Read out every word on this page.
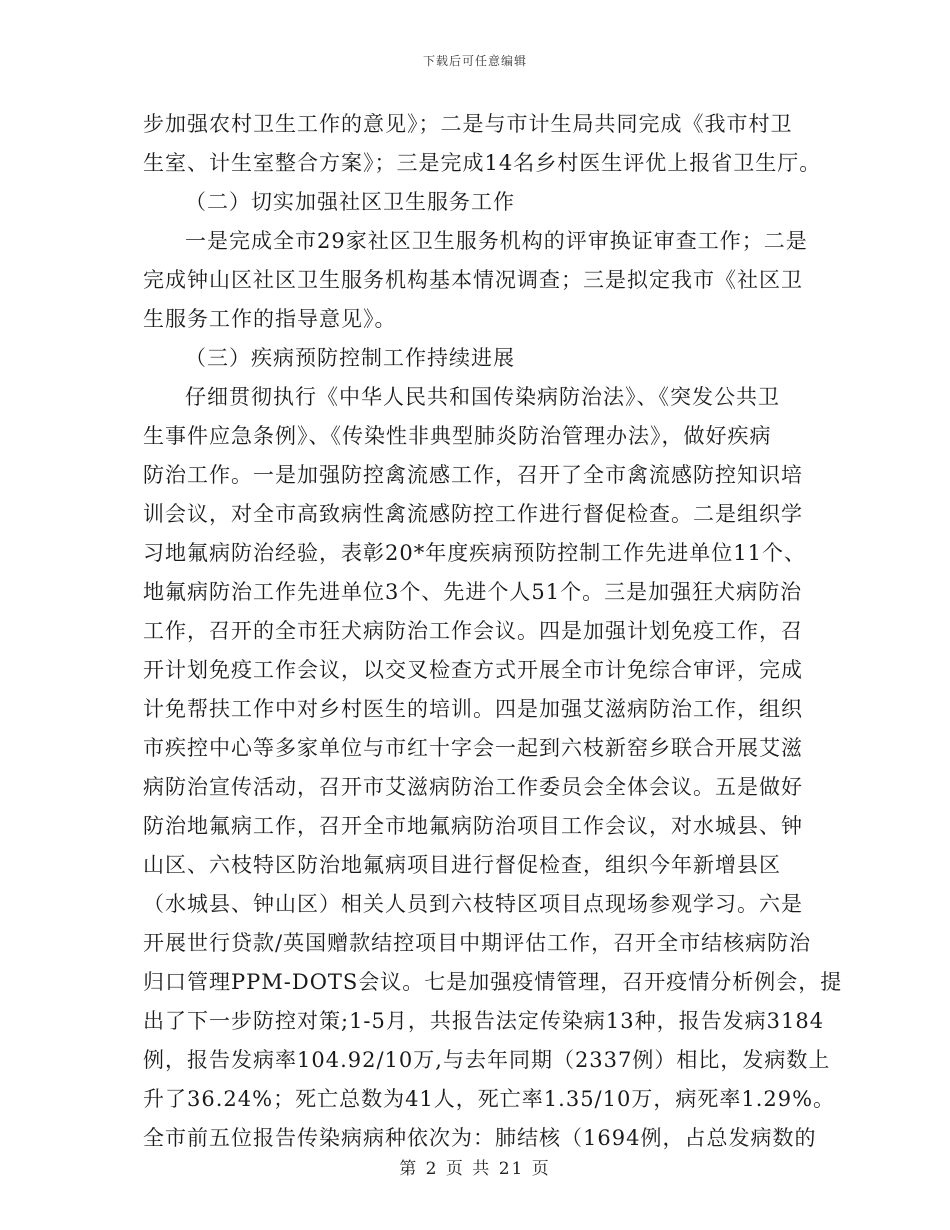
下载后可任意编辑
步加强农村卫生工作的意见》；二是与市计生局共同完成《我市村卫
生室、计生室整合方案》；三是完成14名乡村医生评优上报省卫生厅。
（二）切实加强社区卫生服务工作
一是完成全市29家社区卫生服务机构的评审换证审查工作；二是
完成钟山区社区卫生服务机构基本情况调查；三是拟定我市《社区卫
生服务工作的指导意见》。
（三）疾病预防控制工作持续进展
仔细贯彻执行《中华人民共和国传染病防治法》、《突发公共卫
生事件应急条例》、《传染性非典型肺炎防治管理办法》，做好疾病
防治工作。一是加强防控禽流感工作，召开了全市禽流感防控知识培
训会议，对全市高致病性禽流感防控工作进行督促检查。二是组织学
习地氟病防治经验，表彰20*年度疾病预防控制工作先进单位11个、
地氟病防治工作先进单位3个、先进个人51个。三是加强狂犬病防治
工作，召开的全市狂犬病防治工作会议。四是加强计划免疫工作，召
开计划免疫工作会议，以交叉检查方式开展全市计免综合审评，完成
计免帮扶工作中对乡村医生的培训。四是加强艾滋病防治工作，组织
市疾控中心等多家单位与市红十字会一起到六枝新窑乡联合开展艾滋
病防治宣传活动，召开市艾滋病防治工作委员会全体会议。五是做好
防治地氟病工作，召开全市地氟病防治项目工作会议，对水城县、钟
山区、六枝特区防治地氟病项目进行督促检查，组织今年新增县区
（水城县、钟山区）相关人员到六枝特区项目点现场参观学习。六是
开展世行贷款/英国赠款结控项目中期评估工作，召开全市结核病防治
归口管理PPM-DOTS会议。七是加强疫情管理，召开疫情分析例会，提
出了下一步防控对策;1-5月，共报告法定传染病13种，报告发病3184
例，报告发病率104.92/10万,与去年同期（2337例）相比，发病数上
升了36.24%；死亡总数为41人，死亡率1.35/10万，病死率1.29%。
全市前五位报告传染病病种依次为：肺结核（1694例，占总发病数的
第 2 页 共 21 页
